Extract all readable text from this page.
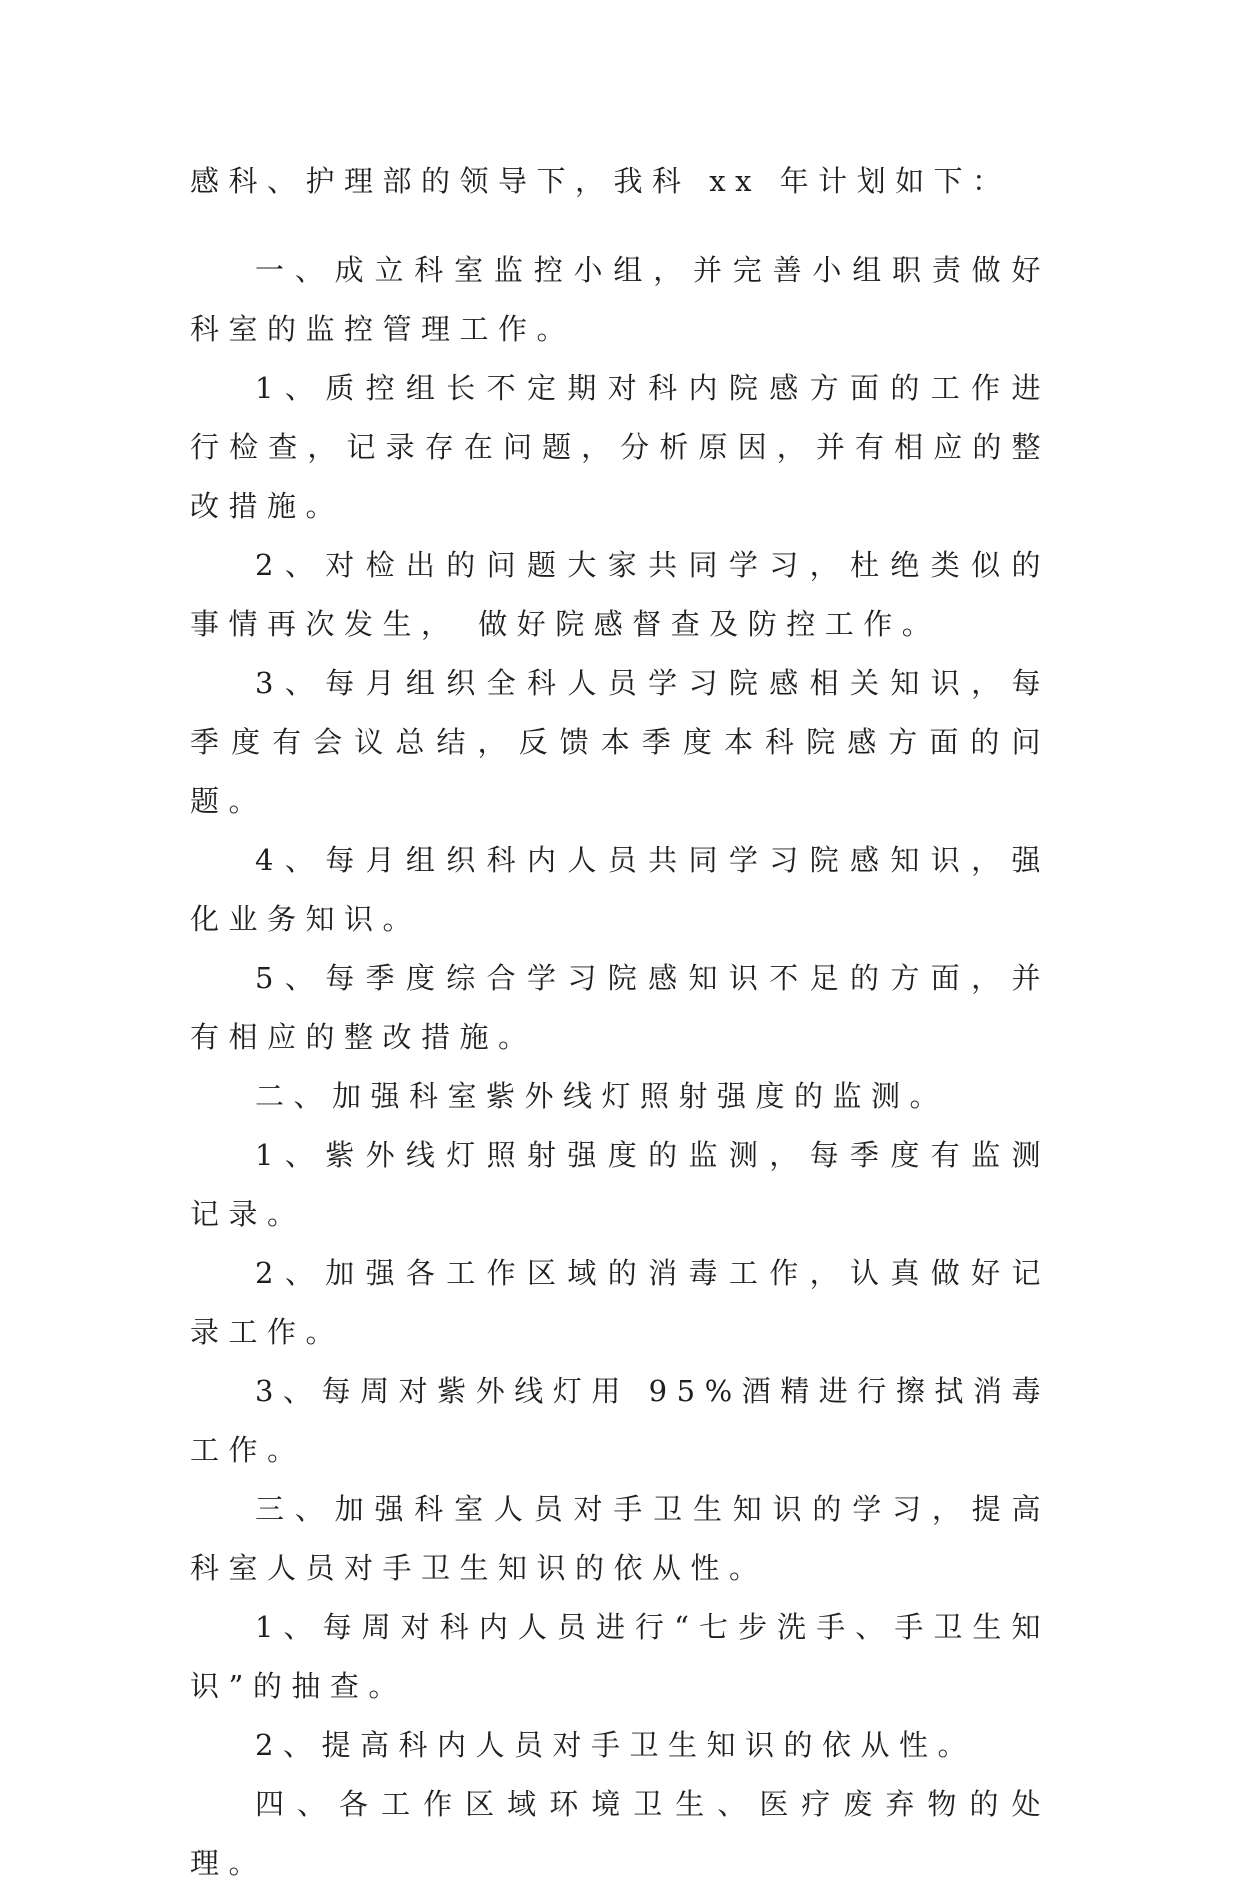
感科、护理部的领导下，我科 xx 年计划如下：

一、成立科室监控小组，并完善小组职责做好科室的监控管理工作。

1、质控组长不定期对科内院感方面的工作进行检查，记录存在问题，分析原因，并有相应的整改措施。

2、对检出的问题大家共同学习，杜绝类似的事情再次发生， 做好院感督查及防控工作。

3、每月组织全科人员学习院感相关知识，每季度有会议总结，反馈本季度本科院感方面的问题。

4、每月组织科内人员共同学习院感知识，强化业务知识。

5、每季度综合学习院感知识不足的方面，并有相应的整改措施。

二、加强科室紫外线灯照射强度的监测。

1、紫外线灯照射强度的监测，每季度有监测记录。

2、加强各工作区域的消毒工作，认真做好记录工作。

3、每周对紫外线灯用 95%酒精进行擦拭消毒工作。

三、加强科室人员对手卫生知识的学习，提高科室人员对手卫生知识的依从性。

1、每周对科内人员进行“七步洗手、手卫生知识”的抽查。

2、提高科内人员对手卫生知识的依从性。

四、各工作区域环境卫生、医疗废弃物的处理。
